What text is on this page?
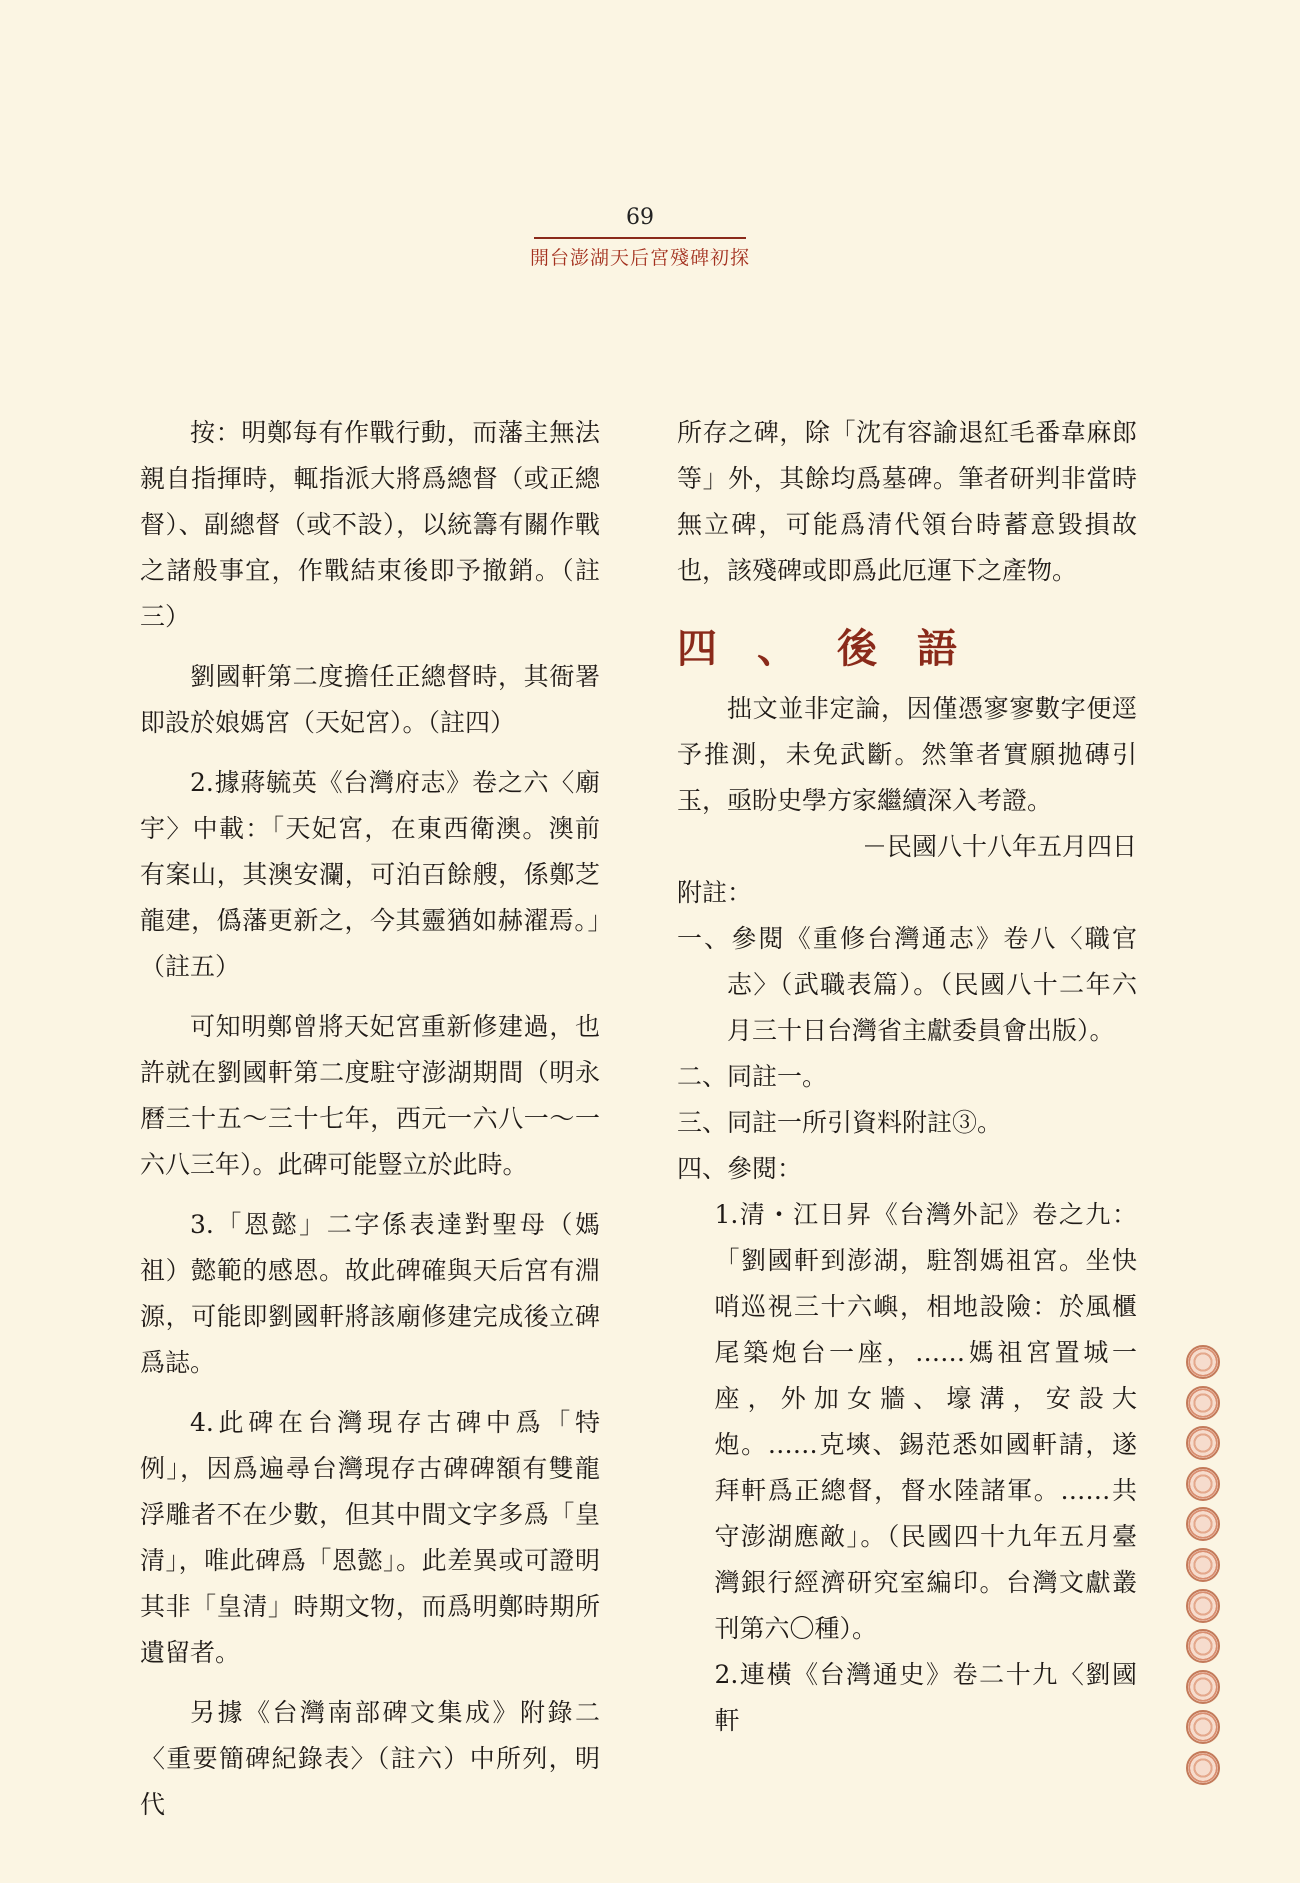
69
開台澎湖天后宮殘碑初探

按：明鄭每有作戰行動，而藩主無法親自指揮時，輒指派大將爲總督（或正總督）、副總督（或不設），以統籌有關作戰之諸般事宜，作戰結束後即予撤銷。（註三）

劉國軒第二度擔任正總督時，其衙署即設於娘媽宮（天妃宮）。（註四）

2.據蔣毓英《台灣府志》卷之六〈廟宇〉中載：「天妃宮，在東西衛澳。澳前有案山，其澳安瀾，可泊百餘艘，係鄭芝龍建，僞藩更新之，今其靈猶如赫濯焉。」（註五）

可知明鄭曾將天妃宮重新修建過，也許就在劉國軒第二度駐守澎湖期間（明永曆三十五～三十七年，西元一六八一～一六八三年）。此碑可能豎立於此時。

3.「恩懿」二字係表達對聖母（媽祖）懿範的感恩。故此碑確與天后宮有淵源，可能即劉國軒將該廟修建完成後立碑爲誌。

4.此碑在台灣現存古碑中爲「特例」，因爲遍尋台灣現存古碑碑額有雙龍浮雕者不在少數，但其中間文字多爲「皇清」，唯此碑爲「恩懿」。此差異或可證明其非「皇清」時期文物，而爲明鄭時期所遺留者。

另據《台灣南部碑文集成》附錄二〈重要簡碑紀錄表〉（註六）中所列，明代

所存之碑，除「沈有容諭退紅毛番韋麻郎等」外，其餘均爲墓碑。筆者研判非當時無立碑，可能爲清代領台時蓄意毀損故也，該殘碑或即爲此厄運下之產物。

四、後語

拙文並非定論，因僅憑寥寥數字便逕予推測，未免武斷。然筆者實願拋磚引玉，亟盼史學方家繼續深入考證。

－民國八十八年五月四日

附註：

一、參閱《重修台灣通志》卷八〈職官志〉（武職表篇）。（民國八十二年六月三十日台灣省主獻委員會出版）。

二、同註一。

三、同註一所引資料附註③。

四、參閱：

1.清・江日昇《台灣外記》卷之九：「劉國軒到澎湖，駐劄媽祖宮。坐快哨巡視三十六嶼，相地設險：於風櫃尾築炮台一座，……媽祖宮置城一座，外加女牆、壕溝，安設大炮。……克塽、錫范悉如國軒請，遂拜軒爲正總督，督水陸諸軍。……共守澎湖應敵」。（民國四十九年五月臺灣銀行經濟研究室編印。台灣文獻叢刊第六〇種）。

2.連橫《台灣通史》卷二十九〈劉國軒
